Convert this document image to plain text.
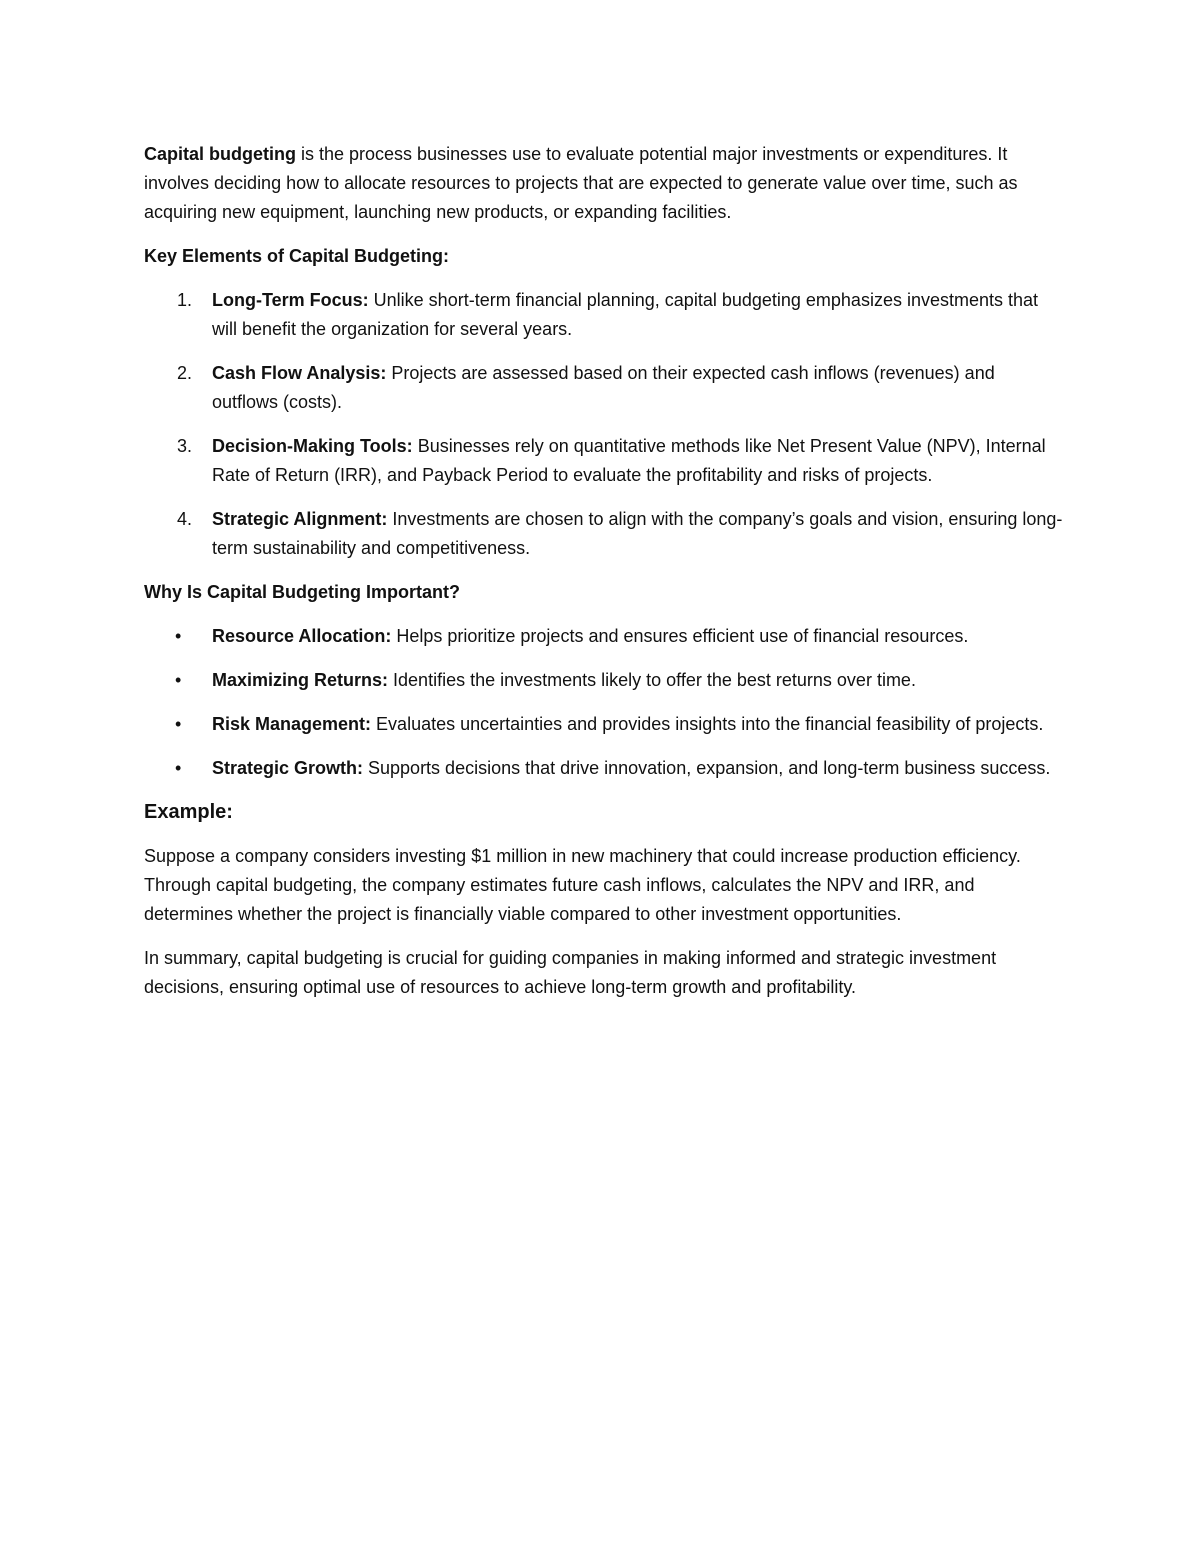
Capital budgeting is the process businesses use to evaluate potential major investments or expenditures. It involves deciding how to allocate resources to projects that are expected to generate value over time, such as acquiring new equipment, launching new products, or expanding facilities.

Key Elements of Capital Budgeting:
1. Long-Term Focus: Unlike short-term financial planning, capital budgeting emphasizes investments that will benefit the organization for several years.
2. Cash Flow Analysis: Projects are assessed based on their expected cash inflows (revenues) and outflows (costs).
3. Decision-Making Tools: Businesses rely on quantitative methods like Net Present Value (NPV), Internal Rate of Return (IRR), and Payback Period to evaluate the profitability and risks of projects.
4. Strategic Alignment: Investments are chosen to align with the company’s goals and vision, ensuring long-term sustainability and competitiveness.
Why Is Capital Budgeting Important?
• Resource Allocation: Helps prioritize projects and ensures efficient use of financial resources.
• Maximizing Returns: Identifies the investments likely to offer the best returns over time.
• Risk Management: Evaluates uncertainties and provides insights into the financial feasibility of projects.
• Strategic Growth: Supports decisions that drive innovation, expansion, and long-term business success.
Example:

Suppose a company considers investing $1 million in new machinery that could increase production efficiency. Through capital budgeting, the company estimates future cash inflows, calculates the NPV and IRR, and determines whether the project is financially viable compared to other investment opportunities.

In summary, capital budgeting is crucial for guiding companies in making informed and strategic investment decisions, ensuring optimal use of resources to achieve long-term growth and profitability.
